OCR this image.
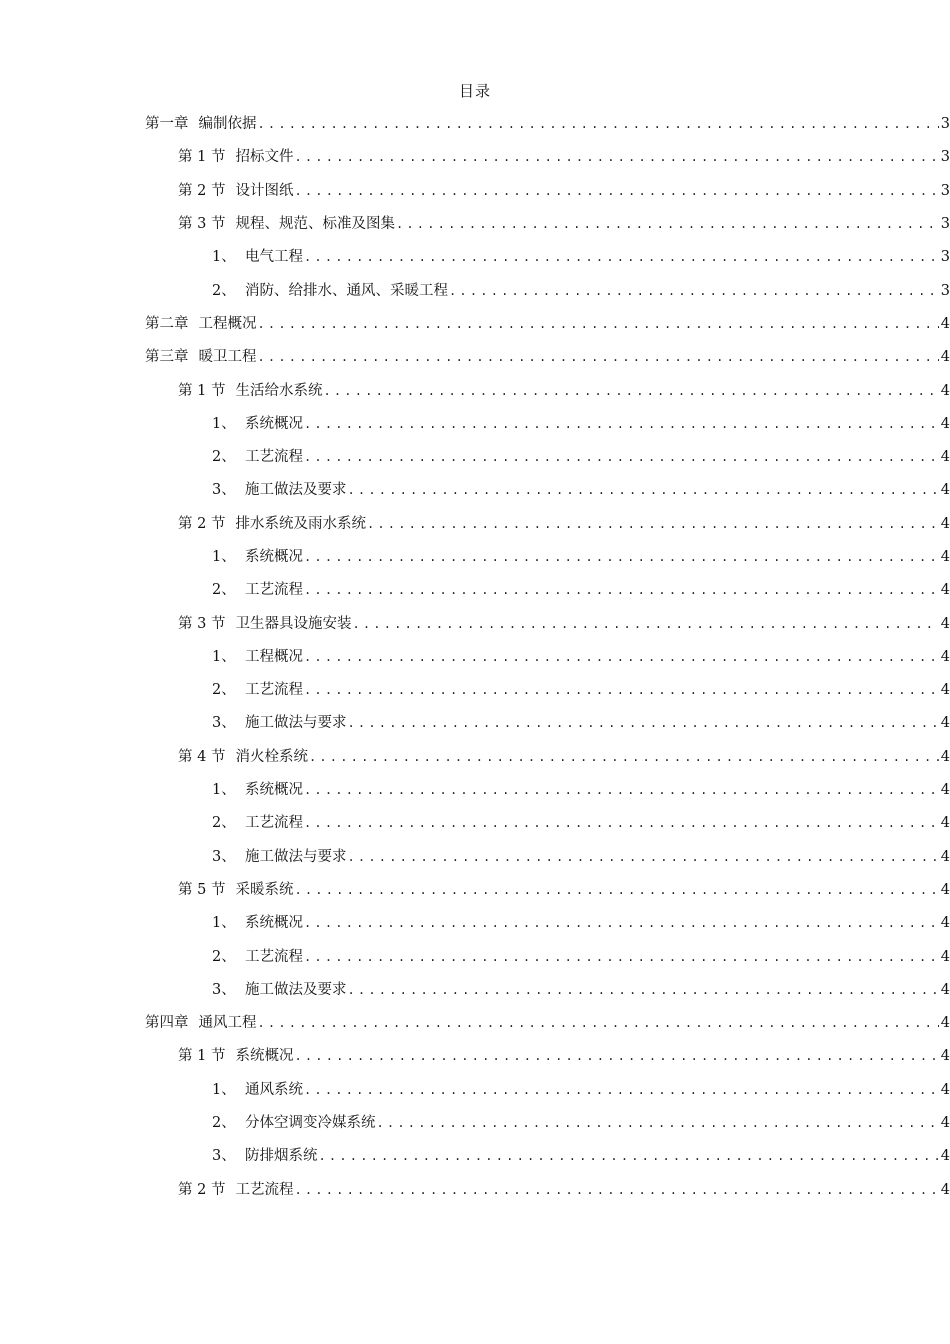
目录
第一章 编制依据 .....	3
第 1 节 招标文件 .....	3
第 2 节 设计图纸 .....	3
第 3 节 规程、规范、标准及图集 .....	3
1、 电气工程 .....	3
2、 消防、给排水、通风、采暖工程 .....	3
第二章 工程概况 .....	4
第三章 暖卫工程 .....	4
第 1 节 生活给水系统 .....	4
1、 系统概况 .....	4
2、 工艺流程 .....	4
3、 施工做法及要求 .....	4
第 2 节 排水系统及雨水系统 .....	4
1、 系统概况 .....	4
2、 工艺流程 .....	4
第 3 节 卫生器具设施安装 .....	4
1、 工程概况 .....	4
2、 工艺流程 .....	4
3、 施工做法与要求 .....	4
第 4 节 消火栓系统 .....	4
1、 系统概况 .....	4
2、 工艺流程 .....	4
3、 施工做法与要求 .....	4
第 5 节 采暖系统 .....	4
1、 系统概况 .....	4
2、 工艺流程 .....	4
3、 施工做法及要求 .....	4
第四章 通风工程 .....	4
第 1 节 系统概况 .....	4
1、 通风系统 .....	4
2、 分体空调变冷媒系统 .....	4
3、 防排烟系统 .....	4
第 2 节 工艺流程 .....	4
